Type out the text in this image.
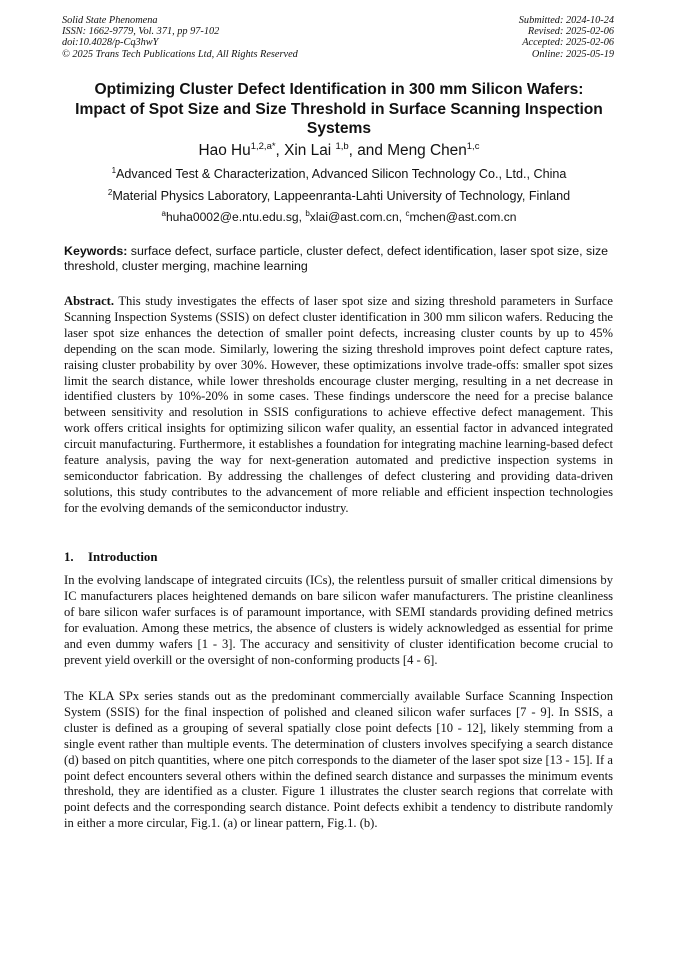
Solid State Phenomena
ISSN: 1662-9779, Vol. 371, pp 97-102
doi:10.4028/p-Cq3hwY
© 2025 Trans Tech Publications Ltd, All Rights Reserved
Submitted: 2024-10-24
Revised: 2025-02-06
Accepted: 2025-02-06
Online: 2025-05-19
Optimizing Cluster Defect Identification in 300 mm Silicon Wafers:
Impact of Spot Size and Size Threshold in Surface Scanning Inspection
Systems
Hao $Hu^{1,2,a*}$, Xin Lai $^{1,b}$, and Meng Chen$^{1,c}$
$^1$Advanced Test & Characterization, Advanced Silicon Technology Co., Ltd., China
$^2$Material Physics Laboratory, Lappeenranta-Lahti University of Technology, Finland
$^a$huha0002@e.ntu.edu.sg, $^b$xlai@ast.com.cn, $^c$mchen@ast.com.cn
Keywords: surface defect, surface particle, cluster defect, defect identification, laser spot size, size threshold, cluster merging, machine learning
Abstract. This study investigates the effects of laser spot size and sizing threshold parameters in Surface Scanning Inspection Systems (SSIS) on defect cluster identification in 300 mm silicon wafers. Reducing the laser spot size enhances the detection of smaller point defects, increasing cluster counts by up to 45% depending on the scan mode. Similarly, lowering the sizing threshold improves point defect capture rates, raising cluster probability by over 30%. However, these optimizations involve trade-offs: smaller spot sizes limit the search distance, while lower thresholds encourage cluster merging, resulting in a net decrease in identified clusters by 10%-20% in some cases. These findings underscore the need for a precise balance between sensitivity and resolution in SSIS configurations to achieve effective defect management. This work offers critical insights for optimizing silicon wafer quality, an essential factor in advanced integrated circuit manufacturing. Furthermore, it establishes a foundation for integrating machine learning-based defect feature analysis, paving the way for next-generation automated and predictive inspection systems in semiconductor fabrication. By addressing the challenges of defect clustering and providing data-driven solutions, this study contributes to the advancement of more reliable and efficient inspection technologies for the evolving demands of the semiconductor industry.
1. Introduction
In the evolving landscape of integrated circuits (ICs), the relentless pursuit of smaller critical dimensions by IC manufacturers places heightened demands on bare silicon wafer manufacturers. The pristine cleanliness of bare silicon wafer surfaces is of paramount importance, with SEMI standards providing defined metrics for evaluation. Among these metrics, the absence of clusters is widely acknowledged as essential for prime and even dummy wafers [1 - 3]. The accuracy and sensitivity of cluster identification become crucial to prevent yield overkill or the oversight of non-conforming products [4 - 6].
The KLA SPx series stands out as the predominant commercially available Surface Scanning Inspection System (SSIS) for the final inspection of polished and cleaned silicon wafer surfaces [7 - 9]. In SSIS, a cluster is defined as a grouping of several spatially close point defects [10 - 12], likely stemming from a single event rather than multiple events. The determination of clusters involves specifying a search distance (d) based on pitch quantities, where one pitch corresponds to the diameter of the laser spot size [13 - 15]. If a point defect encounters several others within the defined search distance and surpasses the minimum events threshold, they are identified as a cluster. Figure 1 illustrates the cluster search regions that correlate with point defects and the corresponding search distance. Point defects exhibit a tendency to distribute randomly in either a more circular, Fig.1. (a) or linear pattern, Fig.1. (b).
